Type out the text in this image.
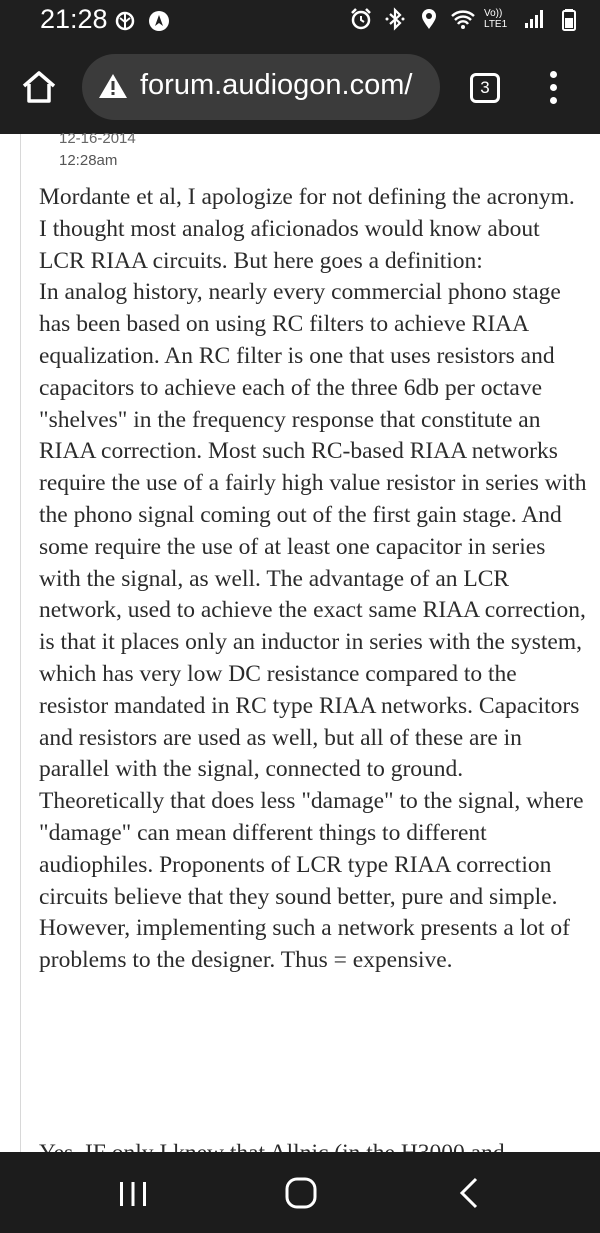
21:28	Vo))
LTE1
forum.audiogon.com/	3
12-16-2014
12:28am

Mordante et al, I apologize for not defining the acronym. I thought most analog aficionados would know about LCR RIAA circuits. But here goes a definition:

In analog history, nearly every commercial phono stage has been based on using RC filters to achieve RIAA equalization. An RC filter is one that uses resistors and capacitors to achieve each of the three 6db per octave "shelves" in the frequency response that constitute an RIAA correction. Most such RC-based RIAA networks require the use of a fairly high value resistor in series with the phono signal coming out of the first gain stage. And some require the use of at least one capacitor in series with the signal, as well. The advantage of an LCR network, used to achieve the exact same RIAA correction, is that it places only an inductor in series with the system, which has very low DC resistance compared to the resistor mandated in RC type RIAA networks. Capacitors and resistors are used as well, but all of these are in parallel with the signal, connected to ground. Theoretically that does less "damage" to the signal, where "damage" can mean different things to different audiophiles. Proponents of LCR type RIAA correction circuits believe that they sound better, pure and simple. However, implementing such a network presents a lot of problems to the designer. Thus = expensive.
